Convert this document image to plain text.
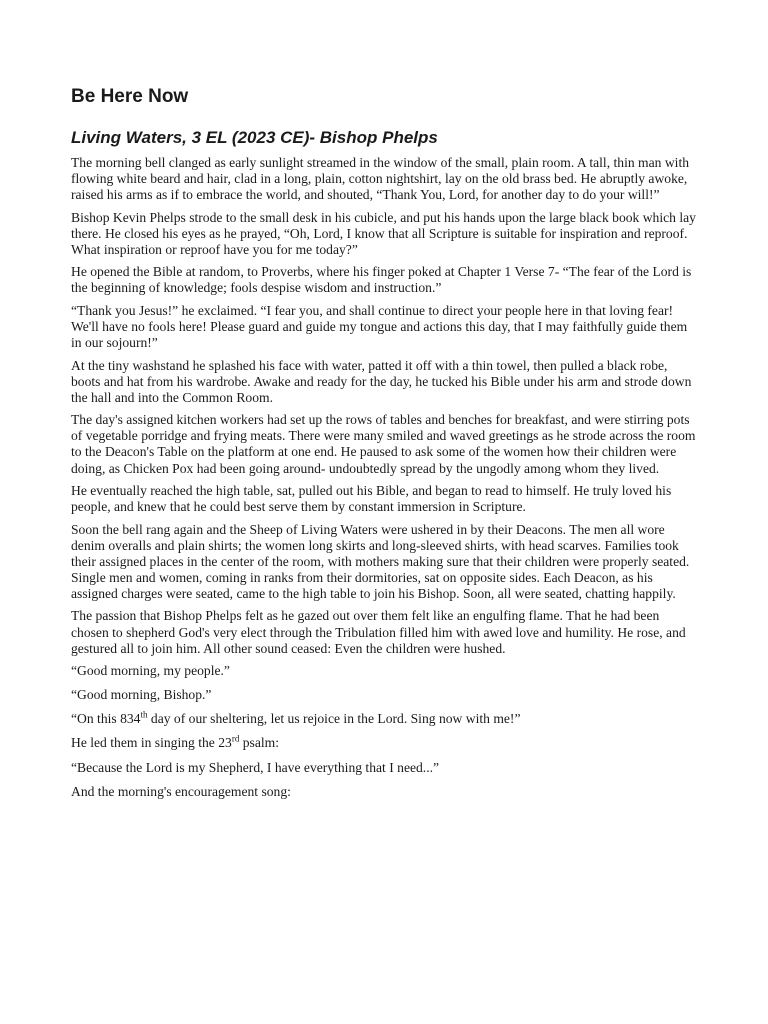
Be Here Now
Living Waters, 3 EL (2023 CE)- Bishop Phelps

The morning bell clanged as early sunlight streamed in the window of the small, plain room. A tall, thin man with flowing white beard and hair, clad in a long, plain, cotton nightshirt, lay on the old brass bed. He abruptly awoke, raised his arms as if to embrace the world, and shouted, “Thank You, Lord, for another day to do your will!”

Bishop Kevin Phelps strode to the small desk in his cubicle, and put his hands upon the large black book which lay there. He closed his eyes as he prayed, “Oh, Lord, I know that all Scripture is suitable for inspiration and reproof. What inspiration or reproof have you for me today?”

He opened the Bible at random, to Proverbs, where his finger poked at Chapter 1 Verse 7- “The fear of the Lord is the beginning of knowledge; fools despise wisdom and instruction.”

“Thank you Jesus!” he exclaimed. “I fear you, and shall continue to direct your people here in that loving fear! We'll have no fools here! Please guard and guide my tongue and actions this day, that I may faithfully guide them in our sojourn!”

At the tiny washstand he splashed his face with water, patted it off with a thin towel, then pulled a black robe, boots and hat from his wardrobe. Awake and ready for the day, he tucked his Bible under his arm and strode down the hall and into the Common Room.

The day's assigned kitchen workers had set up the rows of tables and benches for breakfast, and were stirring pots of vegetable porridge and frying meats. There were many smiled and waved greetings as he strode across the room to the Deacon's Table on the platform at one end. He paused to ask some of the women how their children were doing, as Chicken Pox had been going around- undoubtedly spread by the ungodly among whom they lived.

He eventually reached the high table, sat, pulled out his Bible, and began to read to himself. He truly loved his people, and knew that he could best serve them by constant immersion in Scripture.

Soon the bell rang again and the Sheep of Living Waters were ushered in by their Deacons. The men all wore denim overalls and plain shirts; the women long skirts and long-sleeved shirts, with head scarves. Families took their assigned places in the center of the room, with mothers making sure that their children were properly seated. Single men and women, coming in ranks from their dormitories, sat on opposite sides. Each Deacon, as his assigned charges were seated, came to the high table to join his Bishop. Soon, all were seated, chatting happily.

The passion that Bishop Phelps felt as he gazed out over them felt like an engulfing flame. That he had been chosen to shepherd God's very elect through the Tribulation filled him with awed love and humility. He rose, and gestured all to join him. All other sound ceased: Even the children were hushed.

“Good morning, my people.”

“Good morning, Bishop.”

“On this 834th day of our sheltering, let us rejoice in the Lord. Sing now with me!”

He led them in singing the 23rd psalm:

“Because the Lord is my Shepherd, I have everything that I need...”

And the morning's encouragement song:
